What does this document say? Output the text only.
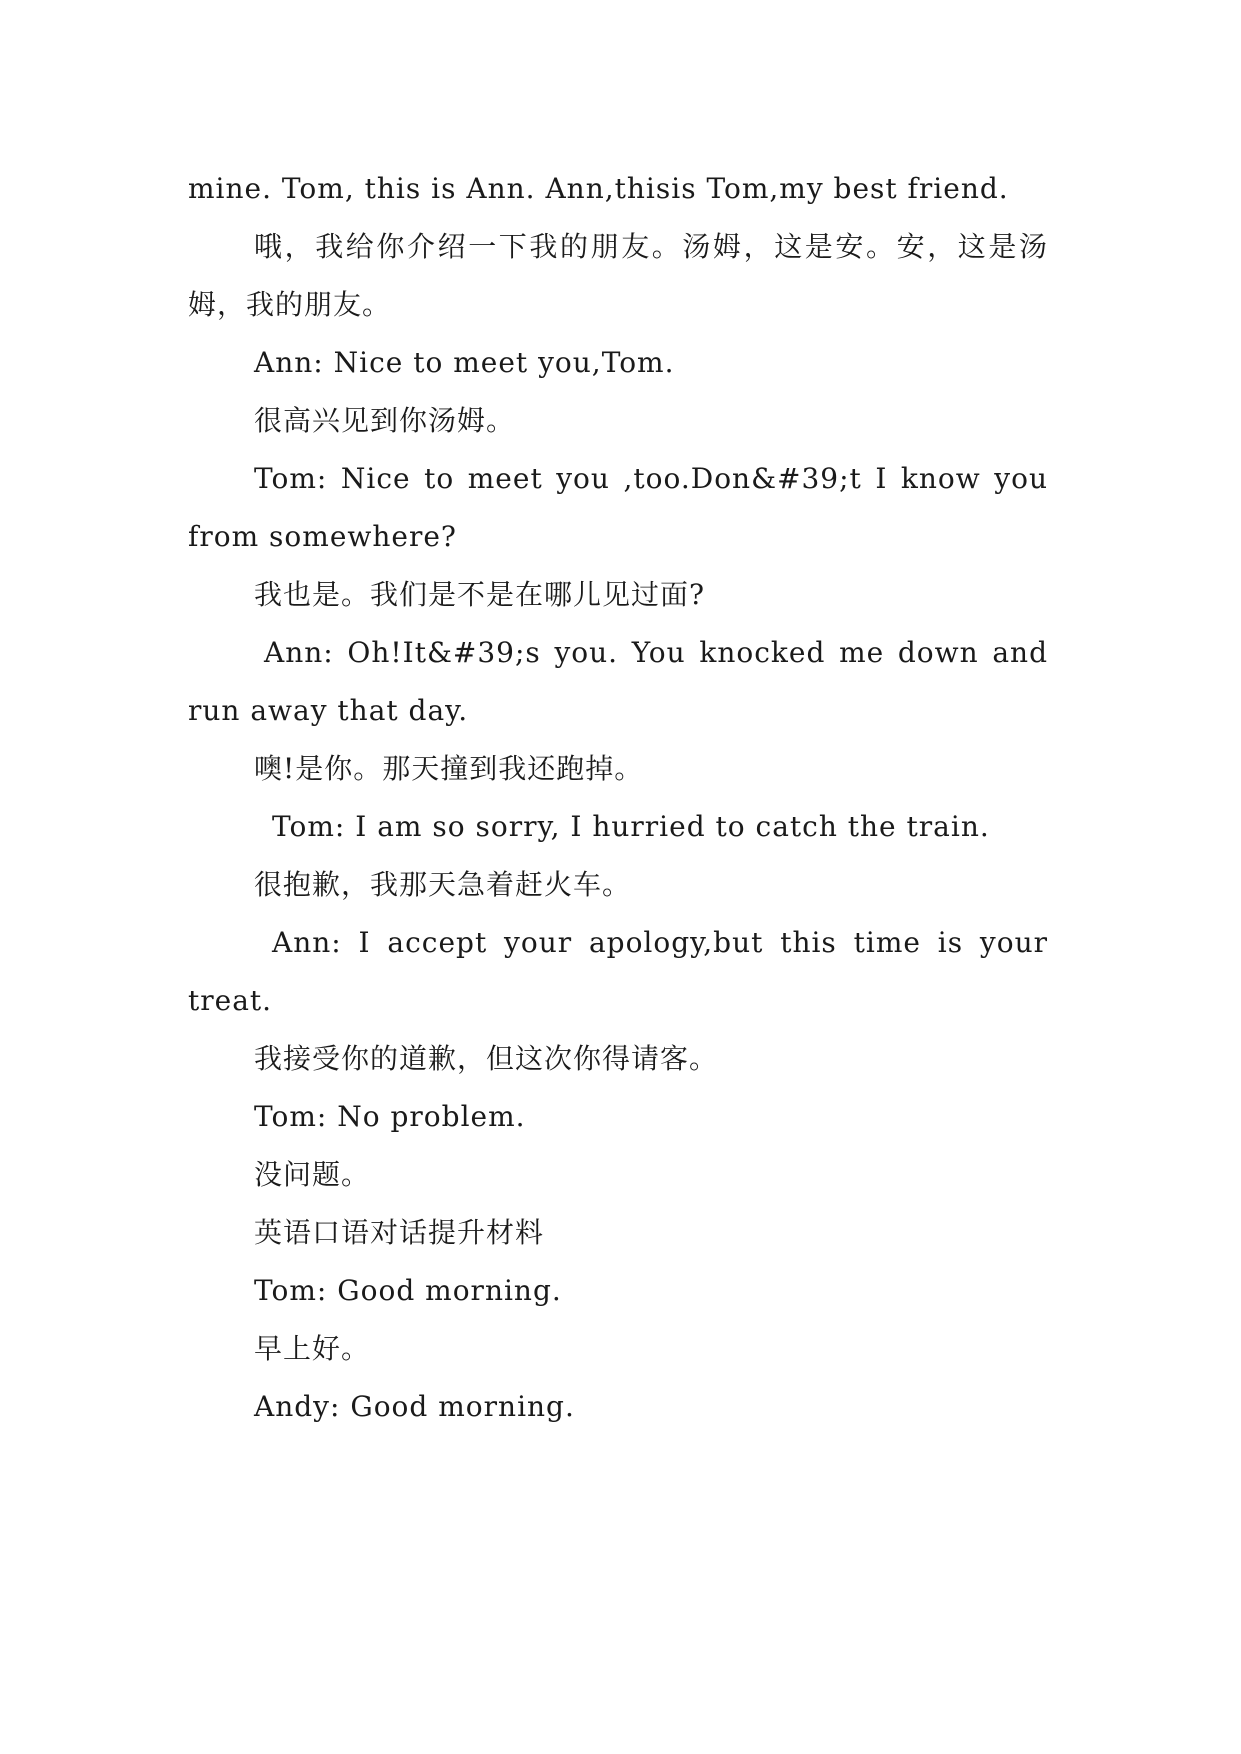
mine. Tom, this is Ann. Ann,thisis Tom,my best friend.

哦，我给你介绍一下我的朋友。汤姆，这是安。安，这是汤姆，我的朋友。

Ann: Nice to meet you,Tom.

很高兴见到你汤姆。

Tom: Nice to meet you ,too.Don&#39;t I know you from somewhere?

我也是。我们是不是在哪儿见过面?

Ann: Oh!It&#39;s you. You knocked me down and run away that day.

噢!是你。那天撞到我还跑掉。

Tom: I am so sorry, I hurried to catch the train.

很抱歉，我那天急着赶火车。

Ann: I accept your apology,but this time is your treat.

我接受你的道歉，但这次你得请客。

Tom: No problem.

没问题。

英语口语对话提升材料

Tom: Good morning.

早上好。

Andy: Good morning.
